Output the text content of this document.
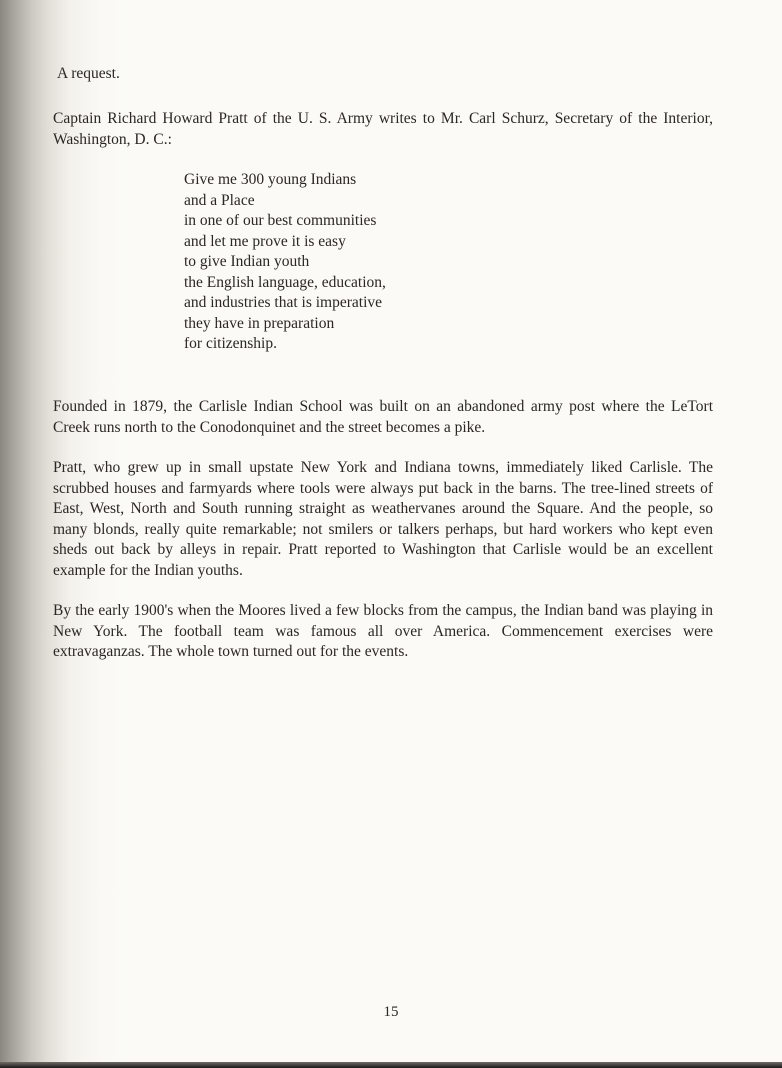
A request.
Captain Richard Howard Pratt of the U. S. Army writes to Mr. Carl Schurz, Secretary of the Interior, Washington, D. C.:
Give me 300 young Indians
and a Place
in one of our best communities
and let me prove it is easy
to give Indian youth
the English language, education,
and industries that is imperative
they have in preparation
for citizenship.
Founded in 1879, the Carlisle Indian School was built on an abandoned army post where the LeTort Creek runs north to the Conodonquinet and the street becomes a pike.
Pratt, who grew up in small upstate New York and Indiana towns, immediately liked Carlisle. The scrubbed houses and farmyards where tools were always put back in the barns. The tree-lined streets of East, West, North and South running straight as weathervanes around the Square. And the people, so many blonds, really quite remarkable; not smilers or talkers perhaps, but hard workers who kept even sheds out back by alleys in repair. Pratt reported to Washington that Carlisle would be an excellent example for the Indian youths.
By the early 1900's when the Moores lived a few blocks from the campus, the Indian band was playing in New York. The football team was famous all over America. Commencement exercises were extravaganzas. The whole town turned out for the events.
15
